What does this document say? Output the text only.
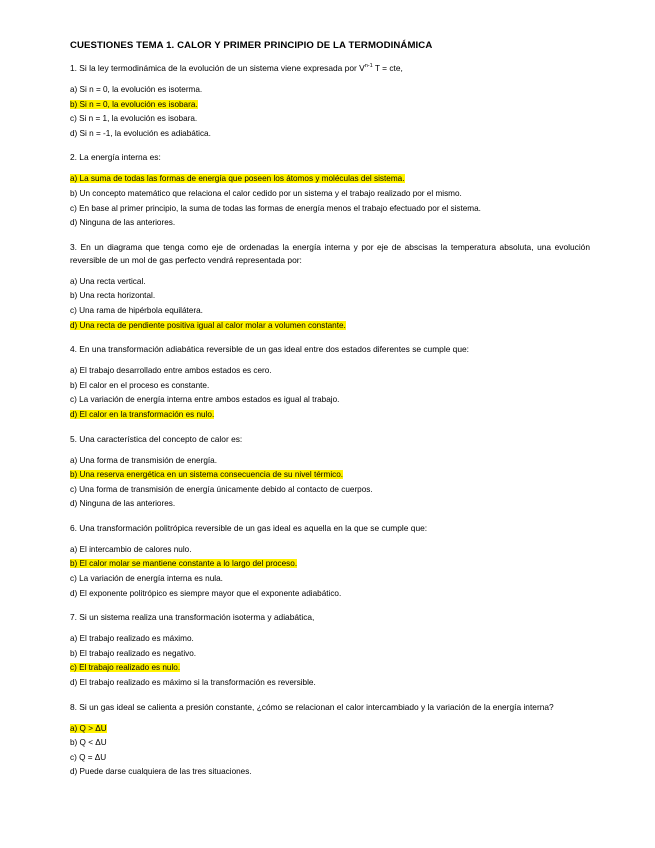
CUESTIONES TEMA 1. CALOR Y PRIMER PRINCIPIO DE LA TERMODINÁMICA

1. Si la ley termodinámica de la evolución de un sistema viene expresada por $V^{n-1}$ T = cte,

a) Si n = 0, la evolución es isoterma.

b) Si n = 0, la evolución es isobara.

c) Si n = 1, la evolución es isobara.

d) Si n = -1, la evolución es adiabática.

2. La energía interna es:

a) La suma de todas las formas de energía que poseen los átomos y moléculas del sistema.

b) Un concepto matemático que relaciona el calor cedido por un sistema y el trabajo realizado por el mismo.

c) En base al primer principio, la suma de todas las formas de energía menos el trabajo efectuado por el sistema.

d) Ninguna de las anteriores.

3. En un diagrama que tenga como eje de ordenadas la energía interna y por eje de abscisas la temperatura absoluta, una evolución reversible de un mol de gas perfecto vendrá representada por:

a) Una recta vertical.

b) Una recta horizontal.

c) Una rama de hipérbola equilátera.

d) Una recta de pendiente positiva igual al calor molar a volumen constante.

4. En una transformación adiabática reversible de un gas ideal entre dos estados diferentes se cumple que:

a) El trabajo desarrollado entre ambos estados es cero.

b) El calor en el proceso es constante.

c) La variación de energía interna entre ambos estados es igual al trabajo.

d) El calor en la transformación es nulo.

5. Una característica del concepto de calor es:

a) Una forma de transmisión de energía.

b) Una reserva energética en un sistema consecuencia de su nivel térmico.

c) Una forma de transmisión de energía únicamente debido al contacto de cuerpos.

d) Ninguna de las anteriores.

6. Una transformación politrópica reversible de un gas ideal es aquella en la que se cumple que:

a) El intercambio de calores nulo.

b) El calor molar se mantiene constante a lo largo del proceso.

c) La variación de energía interna es nula.

d) El exponente politrópico es siempre mayor que el exponente adiabático.

7. Si un sistema realiza una transformación isoterma y adiabática,

a) El trabajo realizado es máximo.

b) El trabajo realizado es negativo.

c) El trabajo realizado es nulo.

d) El trabajo realizado es máximo si la transformación es reversible.

8. Si un gas ideal se calienta a presión constante, ¿cómo se relacionan el calor intercambiado y la variación de la energía interna?

a) Q > ΔU

b) Q < ΔU

c) Q = ΔU

d) Puede darse cualquiera de las tres situaciones.
